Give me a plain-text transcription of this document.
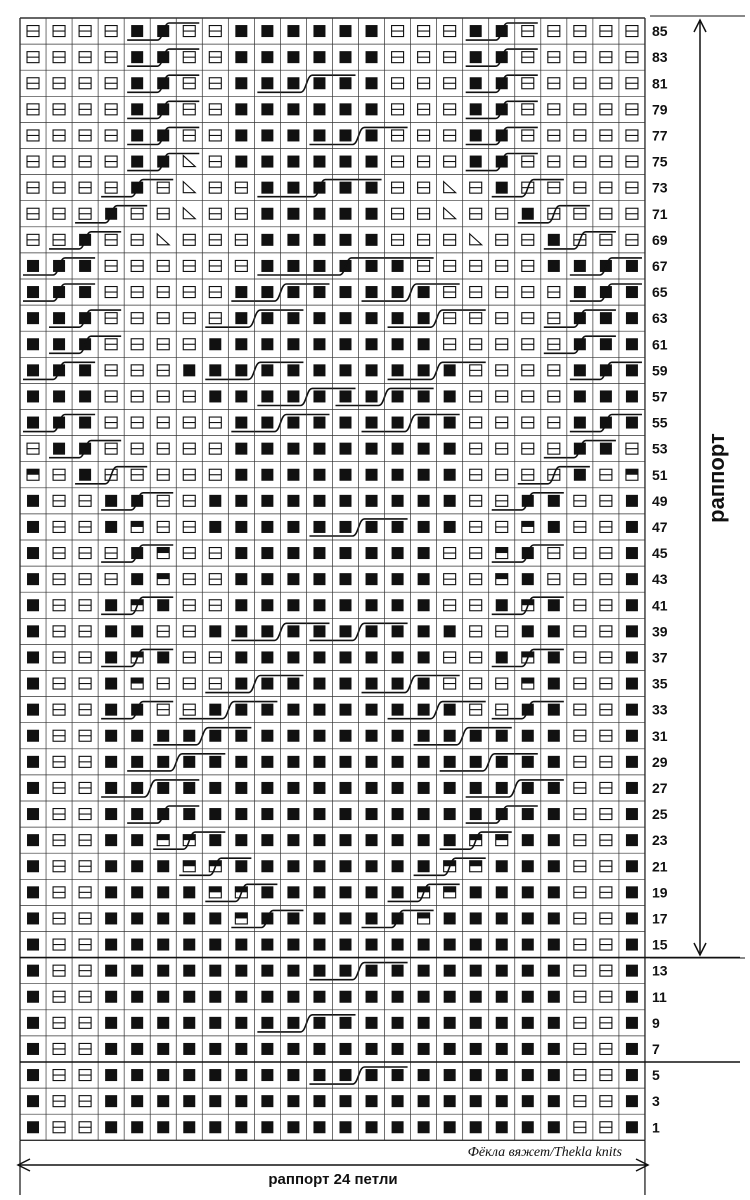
85
83
81
79
77
75
73
71
69
67
65
63
61
59
57
55
53
51
49
47
45
43
41
39
37
35
33
31
29
27
25
23
21
19
17
15
13
11
9
7
5
3
1
Фёкла вяжет/Thekla knits
раппорт
раппорт 24 петли
